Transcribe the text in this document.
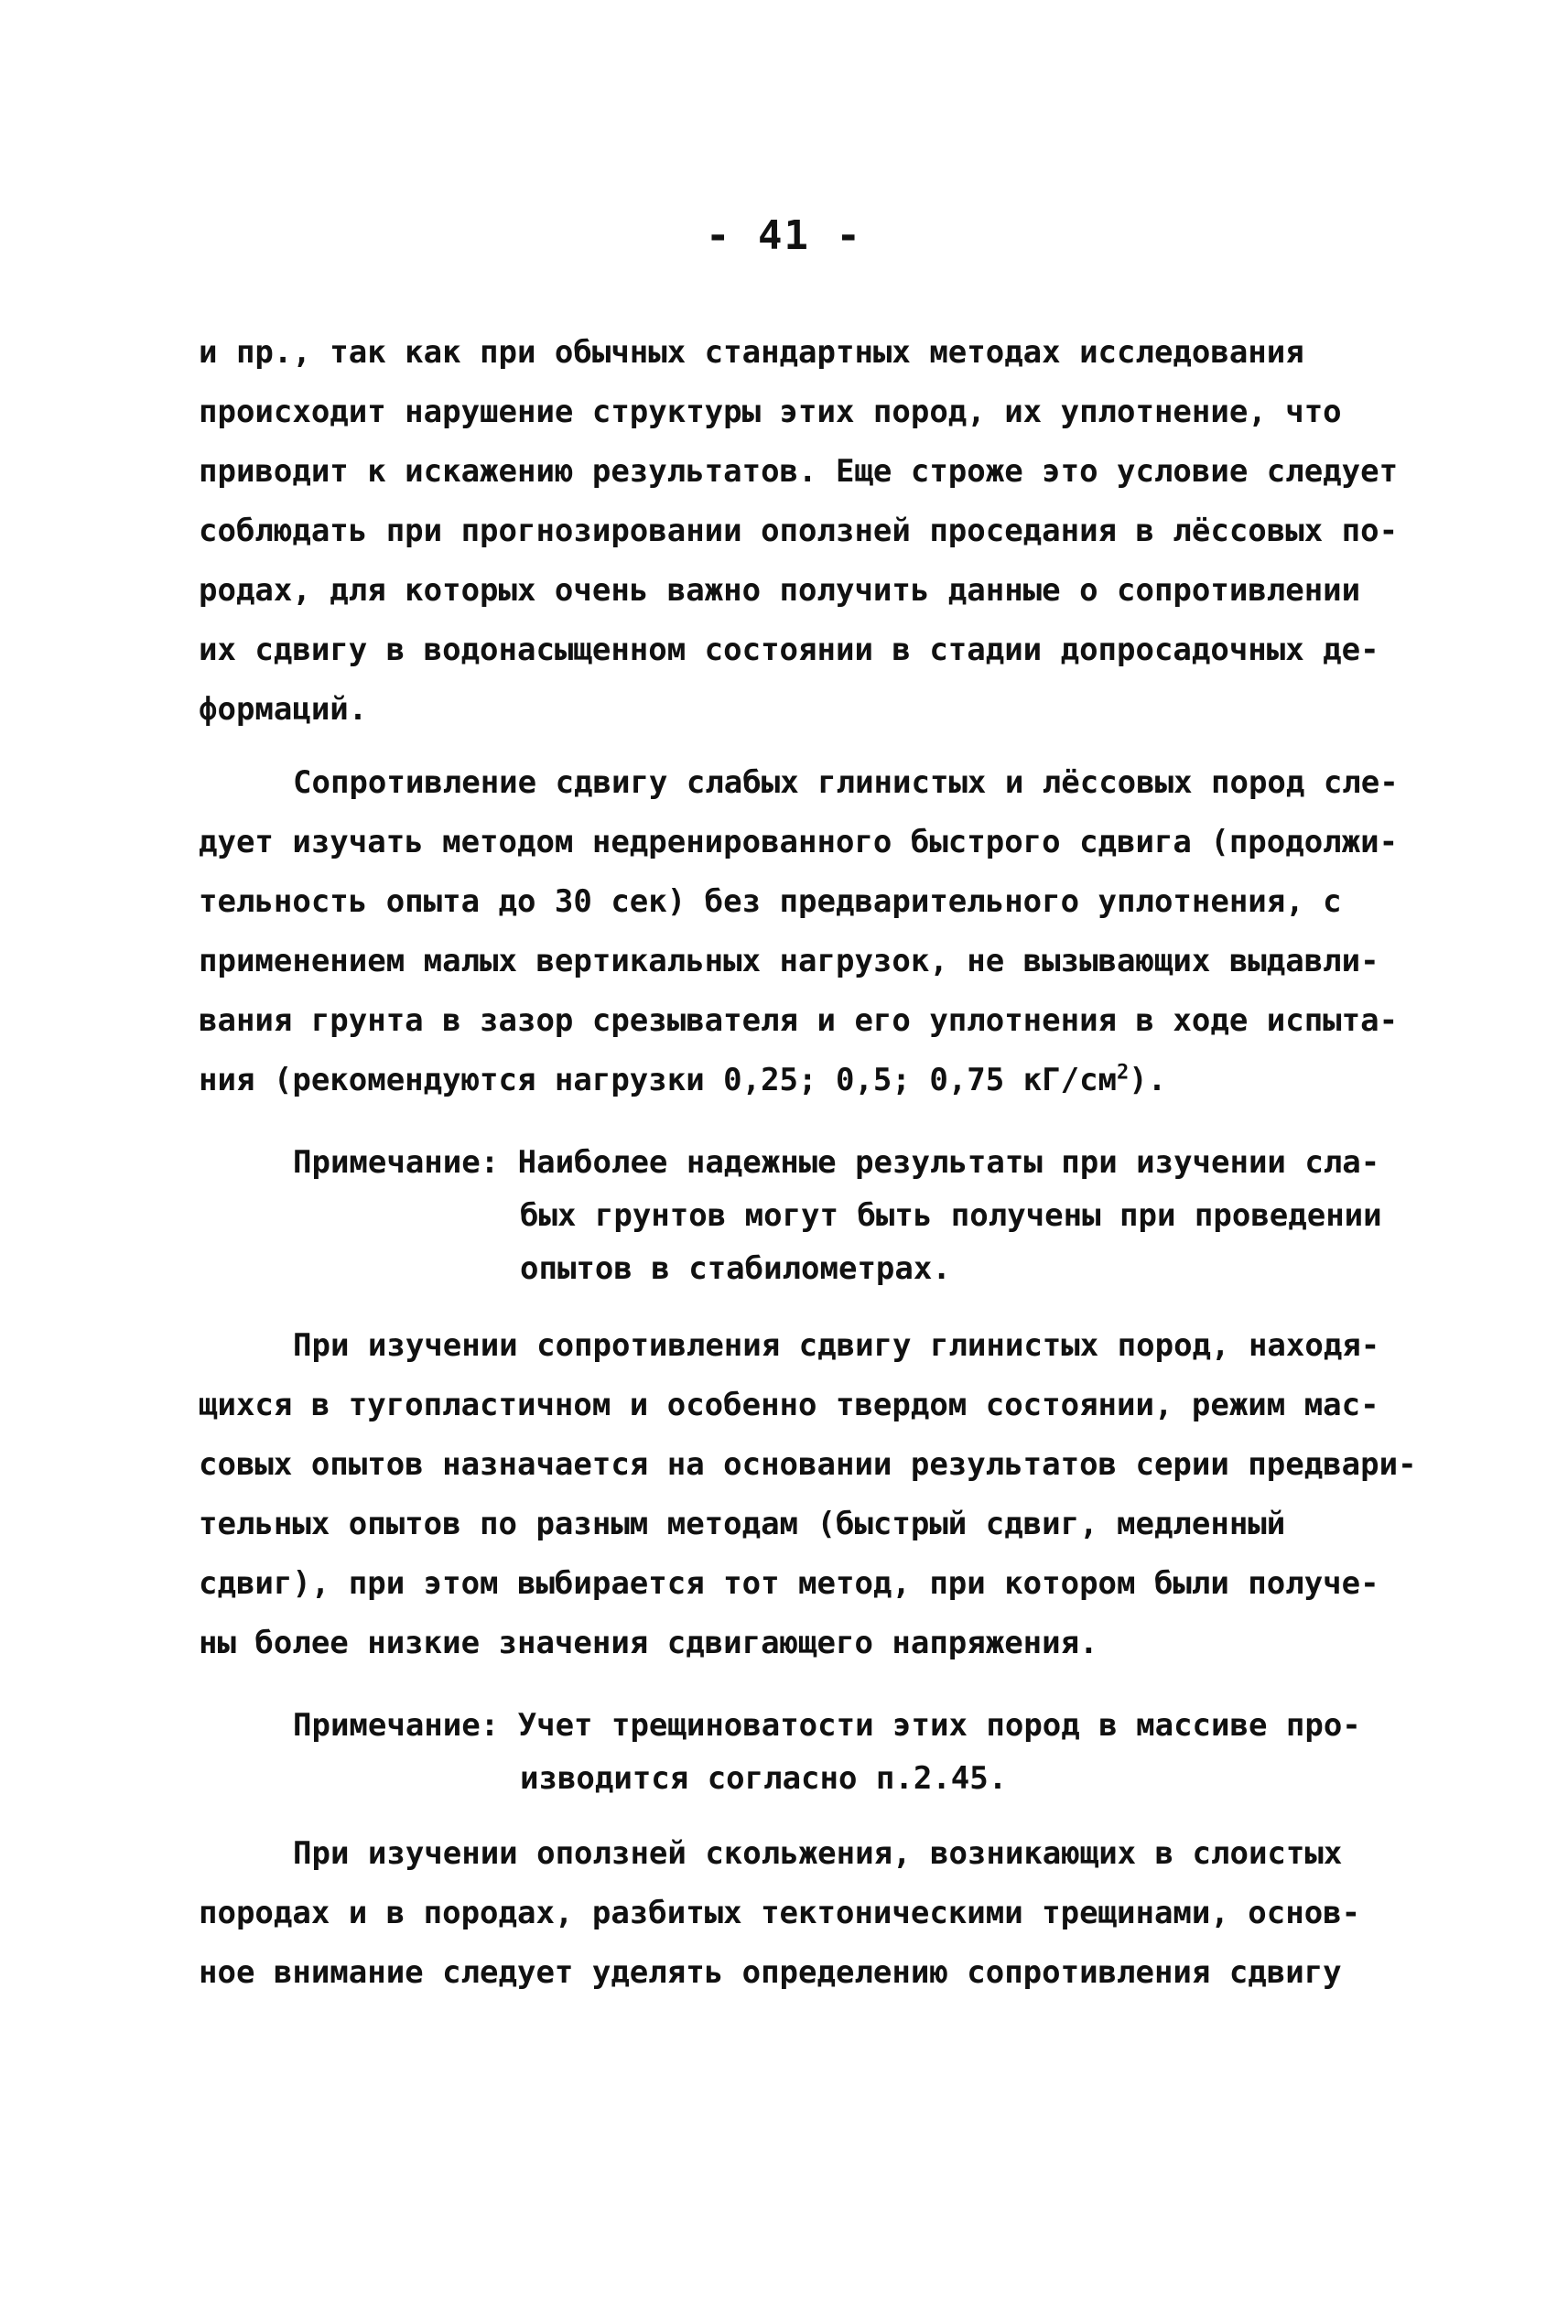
- 41 -
и пр., так как при обычных стандартных методах исследования
происходит нарушение структуры этих пород, их уплотнение, что
приводит к искажению результатов. Еще строже это условие следует
соблюдать при прогнозировании оползней проседания в лёссовых по-
родах, для которых очень важно получить данные о сопротивлении
их сдвигу в водонасыщенном состоянии в стадии допросадочных де-
формаций.
Сопротивление сдвигу слабых глинистых и лёссовых пород сле-
дует изучать методом недренированного быстрого сдвига (продолжи-
тельность опыта до 30 сек) без предварительного уплотнения, с
применением малых вертикальных нагрузок, не вызывающих выдавли-
вания грунта в зазор срезывателя и его уплотнения в ходе испыта-
ния (рекомендуются нагрузки 0,25; 0,5; 0,75 $кГ/см^2$).
Примечание: Наиболее надежные результаты при изучении сла-
бых грунтов могут быть получены при проведении
опытов в стабилометрах.
При изучении сопротивления сдвигу глинистых пород, находя-
щихся в тугопластичном и особенно твердом состоянии, режим мас-
совых опытов назначается на основании результатов серии предвари-
тельных опытов по разным методам (быстрый сдвиг, медленный
сдвиг), при этом выбирается тот метод, при котором были получе-
ны более низкие значения сдвигающего напряжения.
Примечание: Учет трещиноватости этих пород в массиве про-
изводится согласно п.2.45.
При изучении оползней скольжения, возникающих в слоистых
породах и в породах, разбитых тектоническими трещинами, основ-
ное внимание следует уделять определению сопротивления сдвигу
